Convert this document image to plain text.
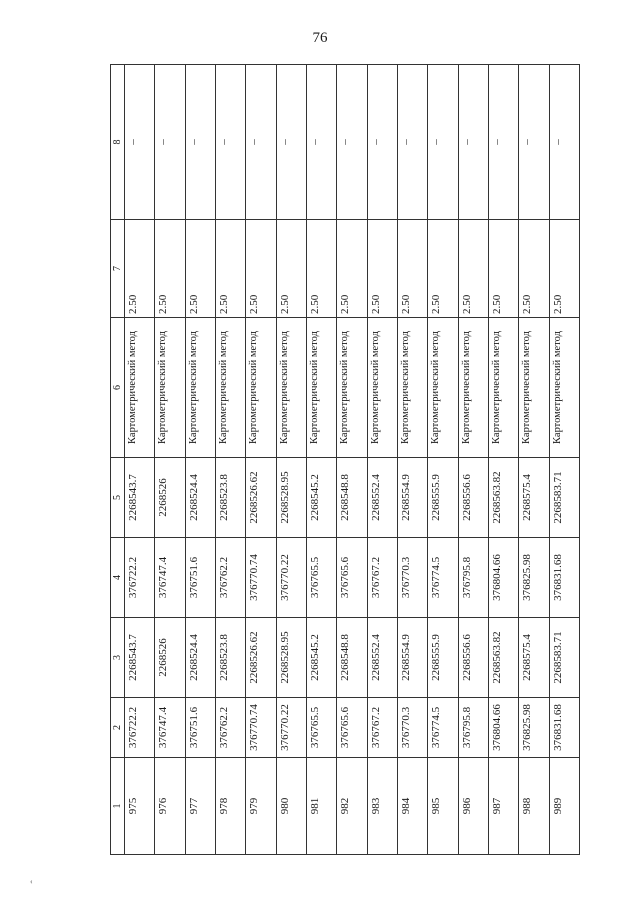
76
1	2	3	4	5	6	7	8
975	376722.2	2268543.7	376722.2	2268543.7	Картометрический метод	2.50	–
976	376747.4	2268526	376747.4	2268526	Картометрический метод	2.50	–
977	376751.6	2268524.4	376751.6	2268524.4	Картометрический метод	2.50	–
978	376762.2	2268523.8	376762.2	2268523.8	Картометрический метод	2.50	–
979	376770.74	2268526.62	376770.74	2268526.62	Картометрический метод	2.50	–
980	376770.22	2268528.95	376770.22	2268528.95	Картометрический метод	2.50	–
981	376765.5	2268545.2	376765.5	2268545.2	Картометрический метод	2.50	–
982	376765.6	2268548.8	376765.6	2268548.8	Картометрический метод	2.50	–
983	376767.2	2268552.4	376767.2	2268552.4	Картометрический метод	2.50	–
984	376770.3	2268554.9	376770.3	2268554.9	Картометрический метод	2.50	–
985	376774.5	2268555.9	376774.5	2268555.9	Картометрический метод	2.50	–
986	376795.8	2268556.6	376795.8	2268556.6	Картометрический метод	2.50	–
987	376804.66	2268563.82	376804.66	2268563.82	Картометрический метод	2.50	–
988	376825.98	2268575.4	376825.98	2268575.4	Картометрический метод	2.50	–
989	376831.68	2268583.71	376831.68	2268583.71	Картометрический метод	2.50	–
‹
